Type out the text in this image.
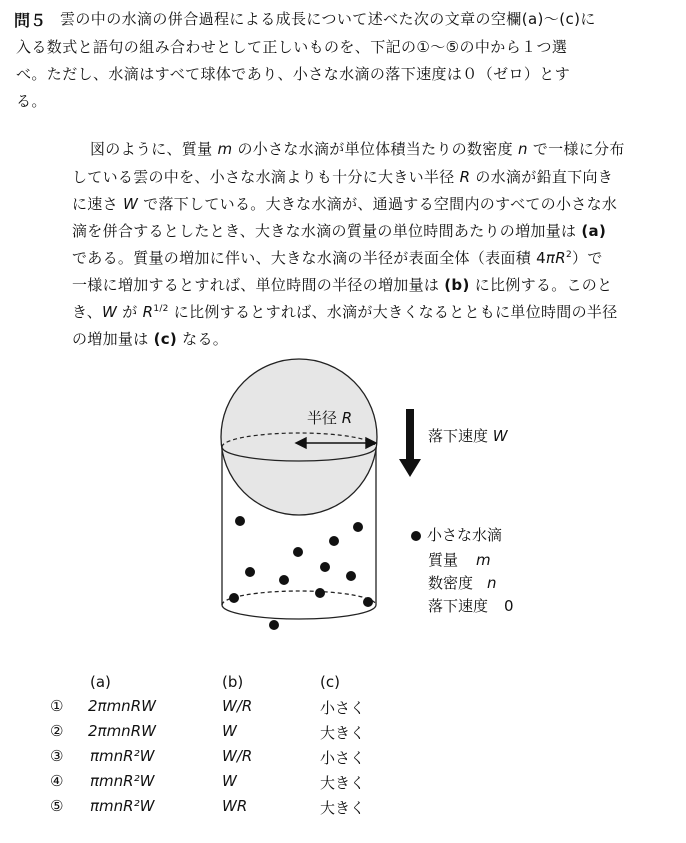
問５ 雲の中の水滴の併合過程による成長について述べた次の文章の空欄(a)～(c)に
入る数式と語句の組み合わせとして正しいものを、下記の①～⑤の中から１つ選
べ。ただし、水滴はすべて球体であり、小さな水滴の落下速度は０（ゼロ）とす
る。
図のように、質量 m の小さな水滴が単位体積当たりの数密度 n で一様に分布
している雲の中を、小さな水滴よりも十分に大きい半径 R の水滴が鉛直下向き
に速さ W で落下している。大きな水滴が、通過する空間内のすべての小さな水
滴を併合するとしたとき、大きな水滴の質量の単位時間あたりの増加量は (a)
である。質量の増加に伴い、大きな水滴の半径が表面全体（表面積 $4\pi R^2$）で
一様に増加するとすれば、単位時間の半径の増加量は (b) に比例する。このと
き、W が $R^{1/2}$ に比例するとすれば、水滴が大きくなるとともに単位時間の半径
の増加量は (c) なる。
半径 R
落下速度 W
小さな水滴
質量 m
数密度 n
落下速度 0
(a)	(b)	(c)
① 2πmnRW	W/R	小さく
② 2πmnRW	W	大きく
③ πmnR²W	W/R	小さく
④ πmnR²W	W	大きく
⑤ πmnR²W	WR	大きく
